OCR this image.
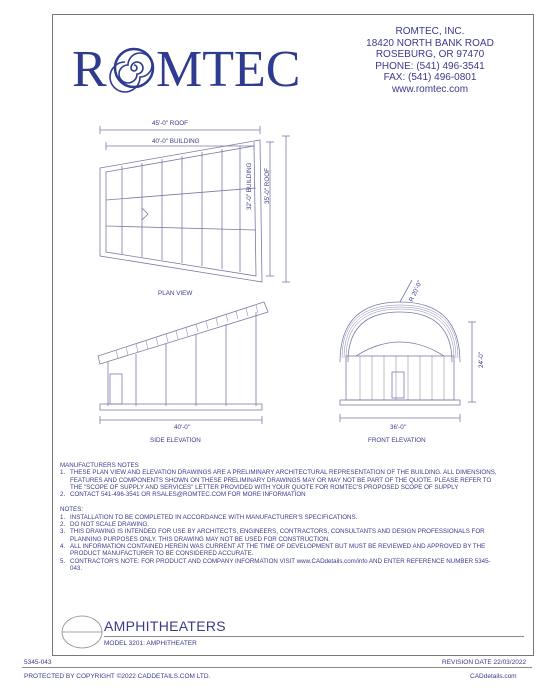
R MTEC
ROMTEC, INC.
18420 NORTH BANK ROAD
ROSEBURG, OR 97470
PHONE: (541) 496-3541
FAX: (541) 496-0801
www.romtec.com
45'-0" ROOF
40'-0" BUILDING
32'-0" BUILDING 35'-0" ROOF
PLAN VIEW
40'-0"
SIDE ELEVATION
R 20'-0"
24'-0"
36'-0"
FRONT ELEVATION
MANUFACTURERS NOTES
1. THESE PLAN VIEW AND ELEVATION DRAWINGS ARE A PRELIMINARY ARCHITECTURAL REPRESENTATION OF THE BUILDING. ALL DIMENSIONS, FEATURES AND COMPONENTS SHOWN ON THESE PRELIMINARY DRAWINGS MAY OR MAY NOT BE PART OF THE QUOTE. PLEASE REFER TO THE "SCOPE OF SUPPLY AND SERVICES" LETTER PROVIDED WITH YOUR QUOTE FOR ROMTEC'S PROPOSED SCOPE OF SUPPLY
2. CONTACT 541-496-3541 OR RSALES@ROMTEC.COM FOR MORE INFORMATION
NOTES:
1. INSTALLATION TO BE COMPLETED IN ACCORDANCE WITH MANUFACTURER'S SPECIFICATIONS.
2. DO NOT SCALE DRAWING.
3. THIS DRAWING IS INTENDED FOR USE BY ARCHITECTS, ENGINEERS, CONTRACTORS, CONSULTANTS AND DESIGN PROFESSIONALS FOR PLANNING PURPOSES ONLY. THIS DRAWING MAY NOT BE USED FOR CONSTRUCTION.
4. ALL INFORMATION CONTAINED HEREIN WAS CURRENT AT THE TIME OF DEVELOPMENT BUT MUST BE REVIEWED AND APPROVED BY THE PRODUCT MANUFACTURER TO BE CONSIDERED ACCURATE.
5. CONTRACTOR'S NOTE: FOR PRODUCT AND COMPANY INFORMATION VISIT www.CADdetails.com/info AND ENTER REFERENCE NUMBER 5345-043.
AMPHITHEATERS
MODEL 3201: AMPHITHEATER
5345-043	REVISION DATE 22/03/2022
PROTECTED BY COPYRIGHT ©2022 CADDETAILS.COM LTD.	CADdetails.com
